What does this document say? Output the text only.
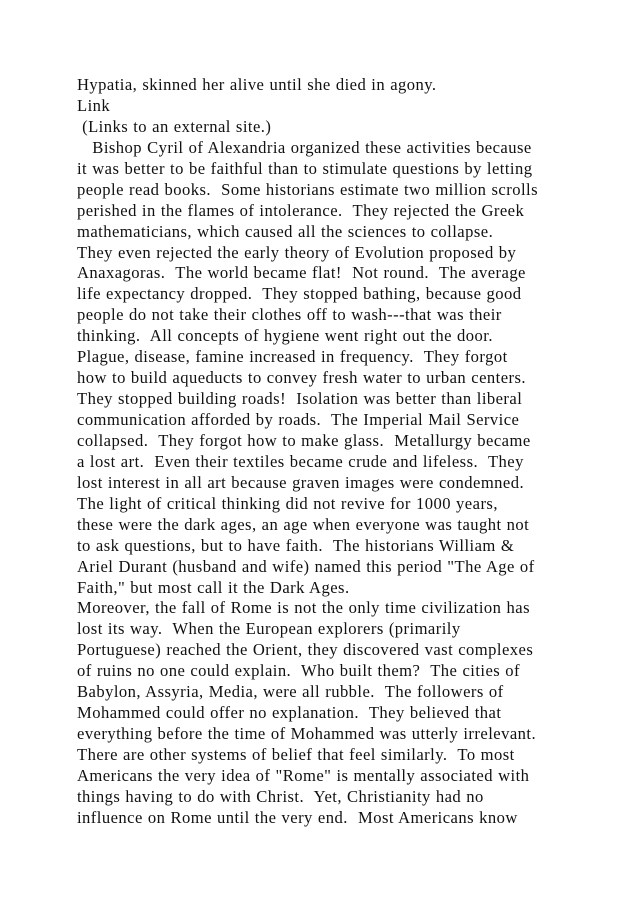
Hypatia, skinned her alive until she died in agony.
Link
(Links to an external site.)
Bishop Cyril of Alexandria organized these activities because
it was better to be faithful than to stimulate questions by letting
people read books.  Some historians estimate two million scrolls
perished in the flames of intolerance.  They rejected the Greek
mathematicians, which caused all the sciences to collapse.
They even rejected the early theory of Evolution proposed by
Anaxagoras.  The world became flat!  Not round.  The average
life expectancy dropped.  They stopped bathing, because good
people do not take their clothes off to wash---that was their
thinking.  All concepts of hygiene went right out the door.
Plague, disease, famine increased in frequency.  They forgot
how to build aqueducts to convey fresh water to urban centers.
They stopped building roads!  Isolation was better than liberal
communication afforded by roads.  The Imperial Mail Service
collapsed.  They forgot how to make glass.  Metallurgy became
a lost art.  Even their textiles became crude and lifeless.  They
lost interest in all art because graven images were condemned.
The light of critical thinking did not revive for 1000 years,
these were the dark ages, an age when everyone was taught not
to ask questions, but to have faith.  The historians William &
Ariel Durant (husband and wife) named this period "The Age of
Faith," but most call it the Dark Ages.
Moreover, the fall of Rome is not the only time civilization has
lost its way.  When the European explorers (primarily
Portuguese) reached the Orient, they discovered vast complexes
of ruins no one could explain.  Who built them?  The cities of
Babylon, Assyria, Media, were all rubble.  The followers of
Mohammed could offer no explanation.  They believed that
everything before the time of Mohammed was utterly irrelevant.
There are other systems of belief that feel similarly.  To most
Americans the very idea of "Rome" is mentally associated with
things having to do with Christ.  Yet, Christianity had no
influence on Rome until the very end.  Most Americans know
